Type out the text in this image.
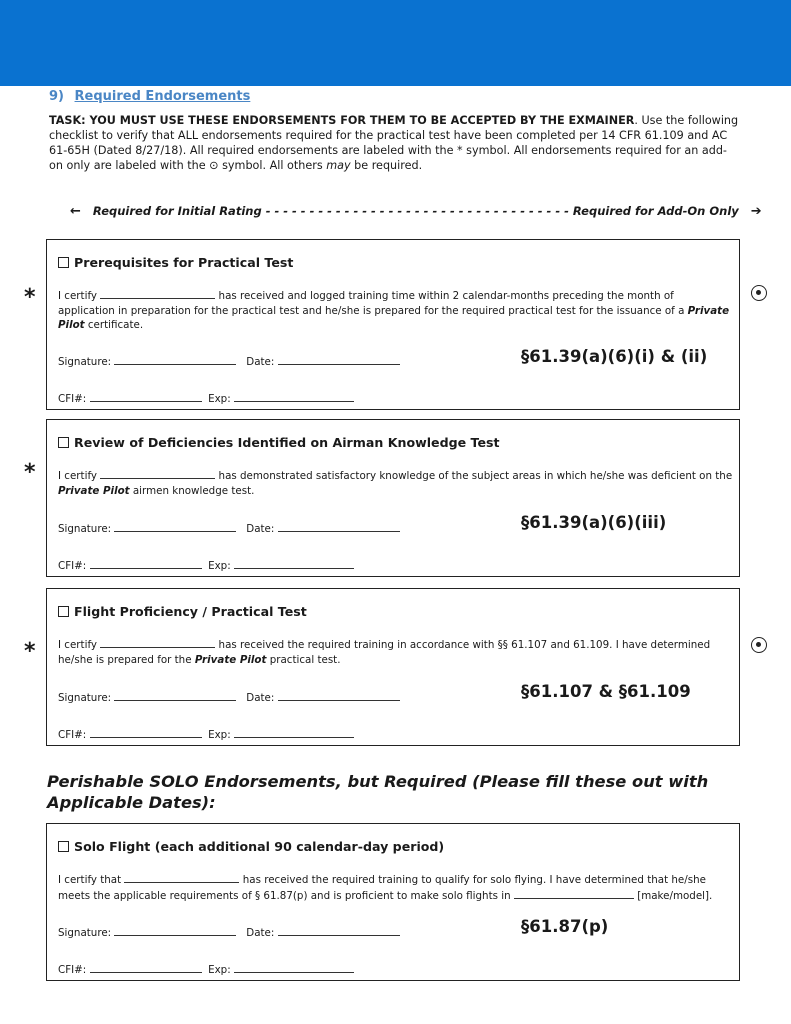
9) Required Endorsements
TASK: YOU MUST USE THESE ENDORSEMENTS FOR THEM TO BE ACCEPTED BY THE EXMAINER. Use the following checklist to verify that ALL endorsements required for the practical test have been completed per 14 CFR 61.109 and AC 61-65H (Dated 8/27/18). All required endorsements are labeled with the * symbol. All endorsements required for an add-on only are labeled with the ⊙ symbol. All others may be required.
← Required for Initial Rating - - - - - - - - - - - - - - - - - - - - - - - - - - - - - - - - - - - Required for Add-On Only ➔
*
Prerequisites for Practical Test
I certify	has received and logged training time within 2 calendar-months preceding the month of application in preparation for the practical test and he/she is prepared for the required practical test for the issuance of a Private Pilot certificate.
Signature:	Date:	§61.39(a)(6)(i) & (ii)
CFI#:	Exp:
*
Review of Deficiencies Identified on Airman Knowledge Test
I certify	has demonstrated satisfactory knowledge of the subject areas in which he/she was deficient on the Private Pilot airmen knowledge test.
Signature:	Date:	§61.39(a)(6)(iii)
CFI#:	Exp:
*
Flight Proficiency / Practical Test
I certify	has received the required training in accordance with §§ 61.107 and 61.109. I have determined he/she is prepared for the Private Pilot practical test.
Signature:	Date:	§61.107 & §61.109
CFI#:	Exp:
Perishable SOLO Endorsements, but Required (Please fill these out with Applicable Dates):
Solo Flight (each additional 90 calendar-day period)
I certify that	has received the required training to qualify for solo flying. I have determined that he/she meets the applicable requirements of § 61.87(p) and is proficient to make solo flights in	[make/model].
Signature:	Date:	§61.87(p)
CFI#:	Exp:
